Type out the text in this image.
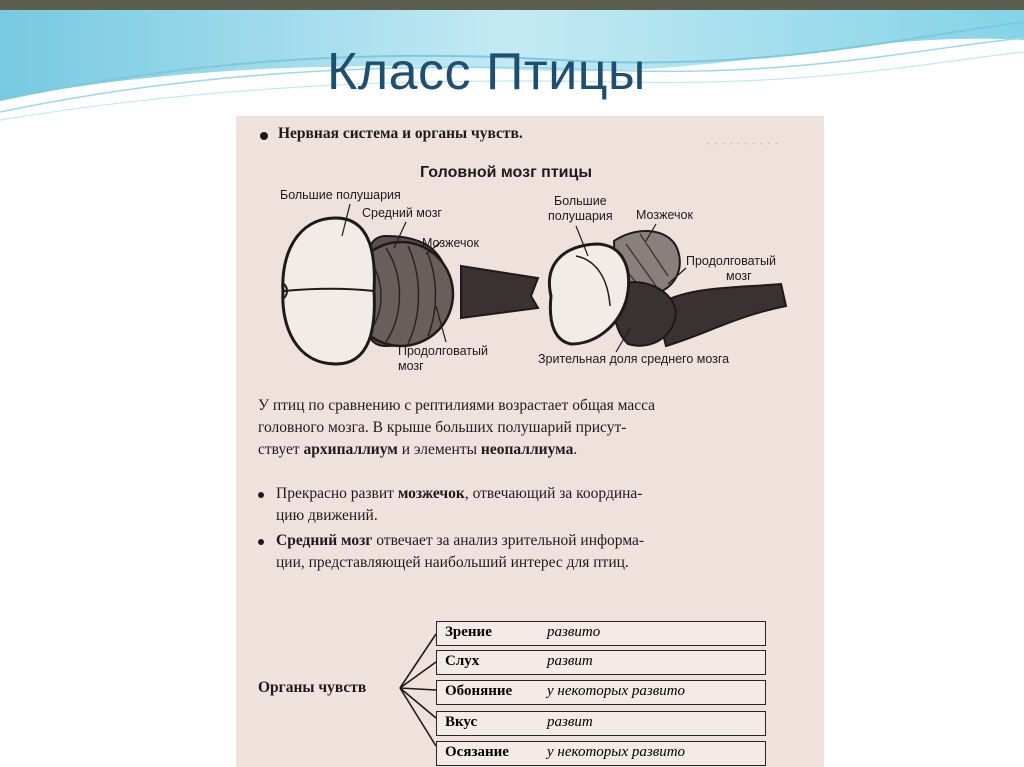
Класс Птицы
· · · · · · · · · ·
Нервная система и органы чувств.
Головной мозг птицы
Большие полушария
Средний мозг
Мозжечок
Продолговатый
мозг
Большие
полушария Мозжечок
Продолговатый
мозг
Зрительная доля среднего мозга
У птиц по сравнению с рептилиями возрастает общая масса
головного мозга. В крыше больших полушарий присут-
ствует архипаллиум и элементы неопаллиума.
Прекрасно развит мозжечок, отвечающий за координа-
цию движений.
Средний мозг отвечает за анализ зрительной информа-
ции, представляющей наибольший интерес для птиц.
Органы чувств
Зрение	развито
Слух	развит
Обоняние у некоторых развито
Вкус	развит
Осязание	у некоторых развито
